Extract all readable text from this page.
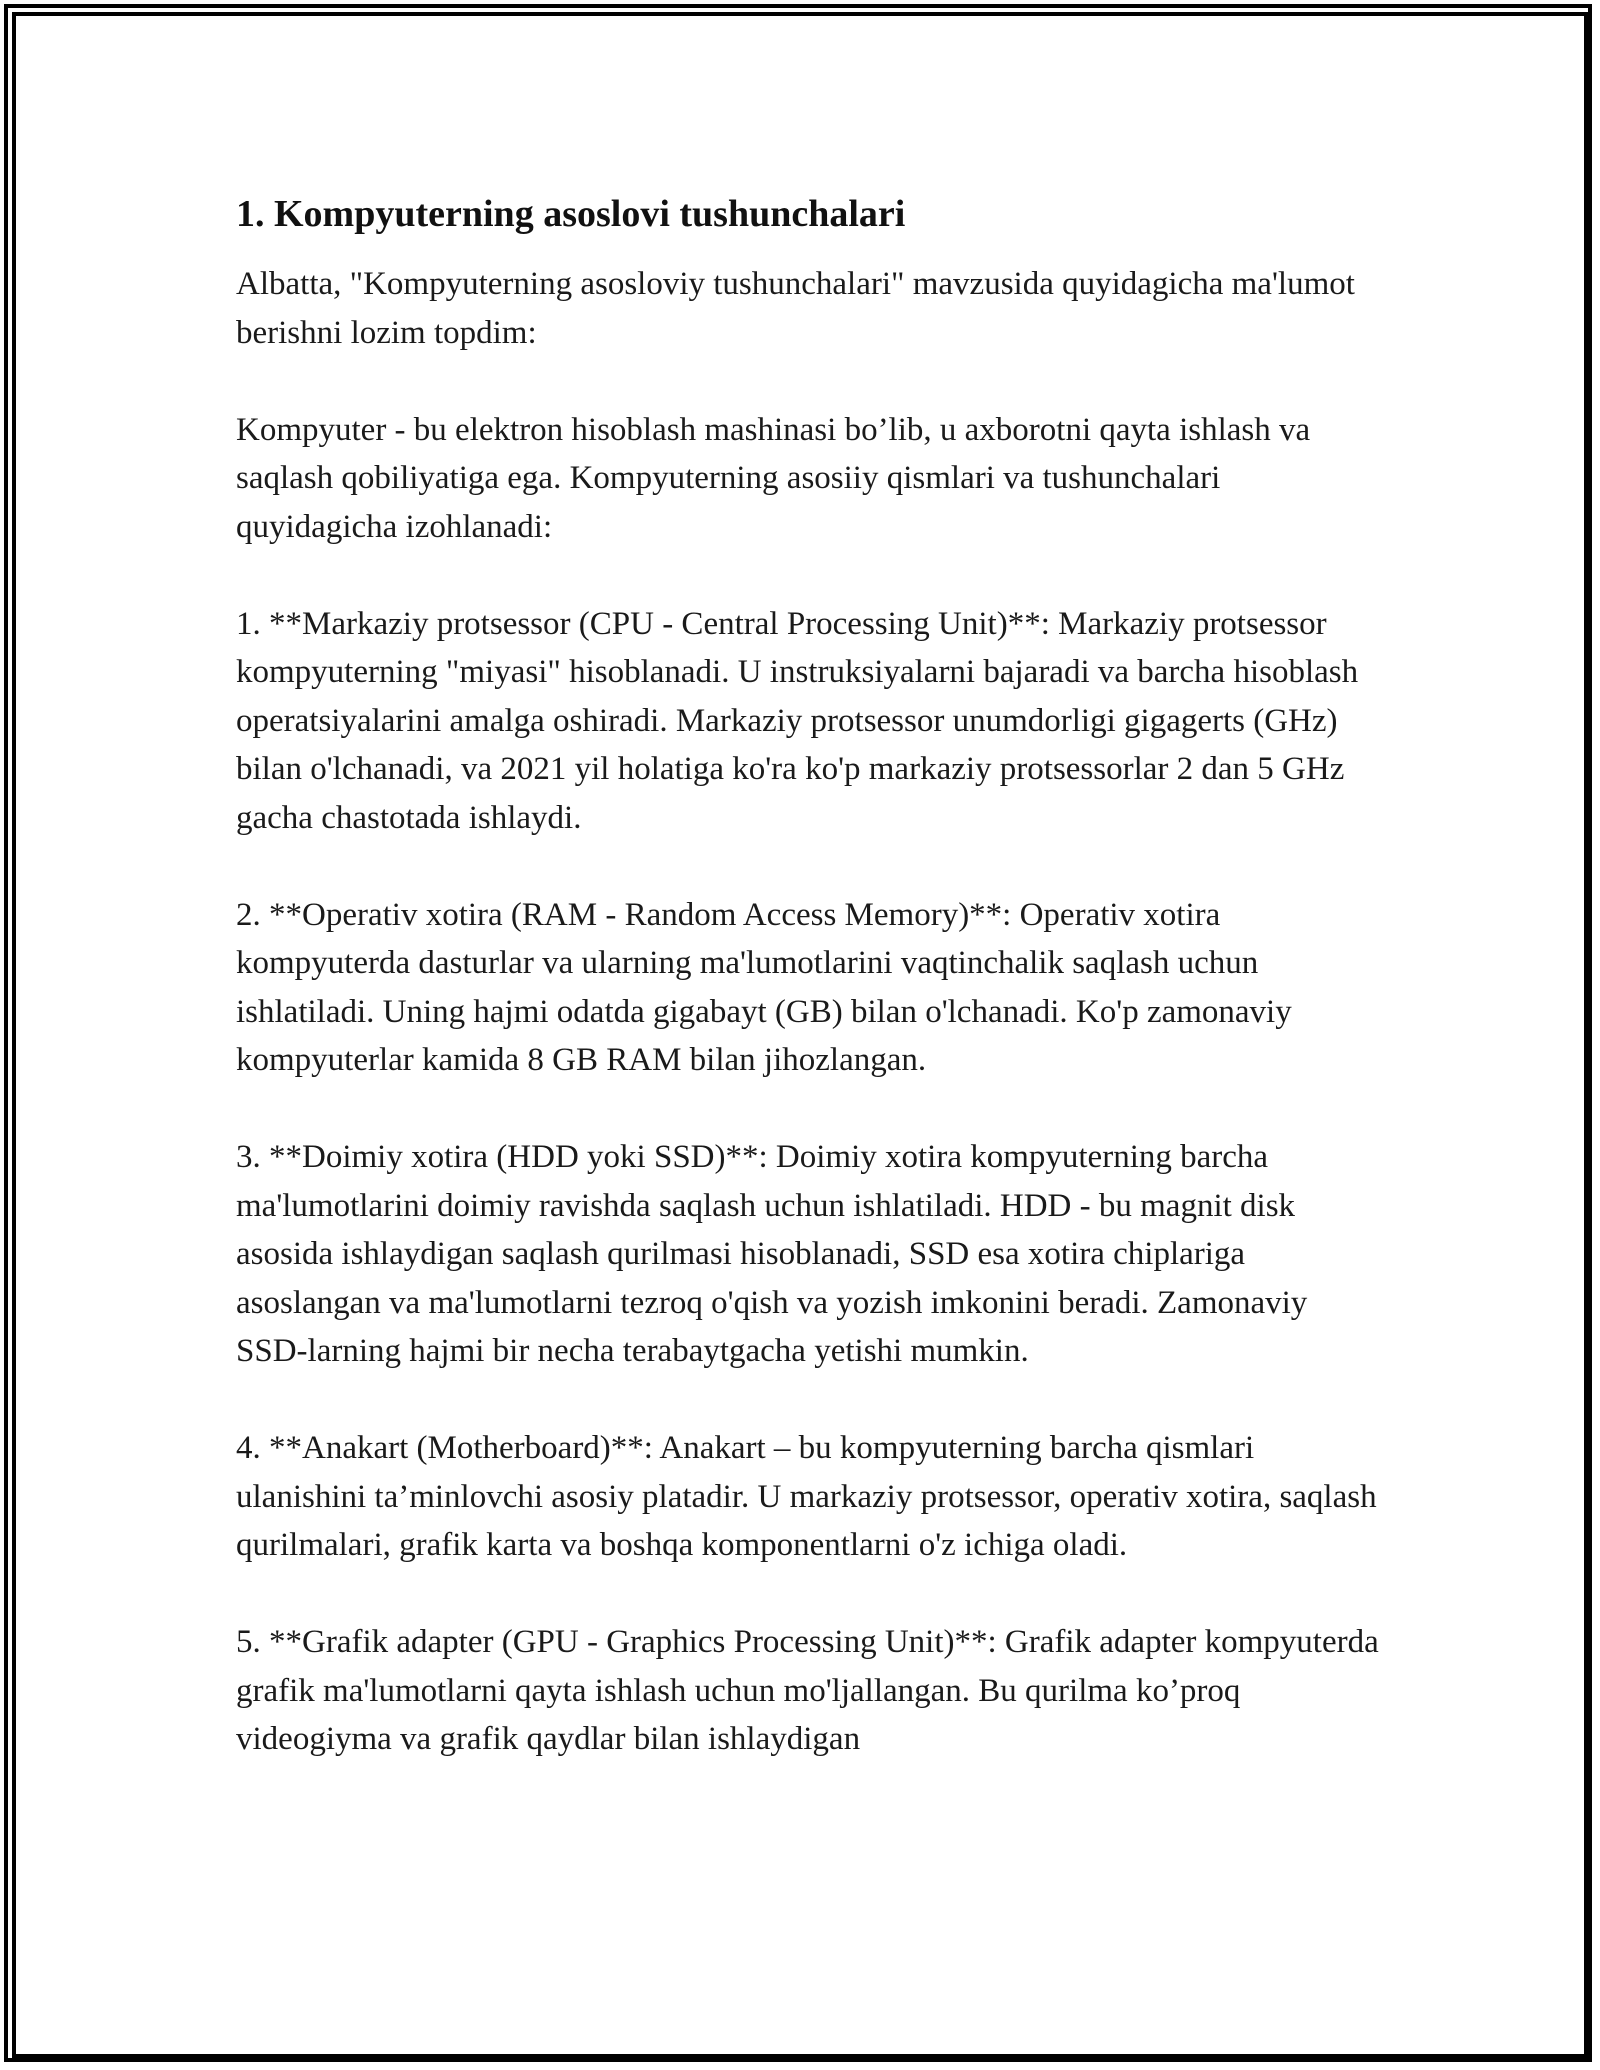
1. Kompyuterning asoslovi tushunchalari

Albatta, "Kompyuterning asosloviy tushunchalari" mavzusida quyidagicha ma'lumot berishni lozim topdim:

Kompyuter - bu elektron hisoblash mashinasi bo’lib, u axborotni qayta ishlash va saqlash qobiliyatiga ega. Kompyuterning asosiiy qismlari va tushunchalari quyidagicha izohlanadi:

1. **Markaziy protsessor (CPU - Central Processing Unit)**: Markaziy protsessor kompyuterning "miyasi" hisoblanadi. U instruksiyalarni bajaradi va barcha hisoblash operatsiyalarini amalga oshiradi. Markaziy protsessor unumdorligi gigagerts (GHz) bilan o'lchanadi, va 2021 yil holatiga ko'ra ko'p markaziy protsessorlar 2 dan 5 GHz gacha chastotada ishlaydi.

2. **Operativ xotira (RAM - Random Access Memory)**: Operativ xotira kompyuterda dasturlar va ularning ma'lumotlarini vaqtinchalik saqlash uchun ishlatiladi. Uning hajmi odatda gigabayt (GB) bilan o'lchanadi. Ko'p zamonaviy kompyuterlar kamida 8 GB RAM bilan jihozlangan.

3. **Doimiy xotira (HDD yoki SSD)**: Doimiy xotira kompyuterning barcha ma'lumotlarini doimiy ravishda saqlash uchun ishlatiladi. HDD - bu magnit disk asosida ishlaydigan saqlash qurilmasi hisoblanadi, SSD esa xotira chiplariga asoslangan va ma'lumotlarni tezroq o'qish va yozish imkonini beradi. Zamonaviy SSD-larning hajmi bir necha terabaytgacha yetishi mumkin.

4. **Anakart (Motherboard)**: Anakart – bu kompyuterning barcha qismlari ulanishini ta’minlovchi asosiy platadir. U markaziy protsessor, operativ xotira, saqlash qurilmalari, grafik karta va boshqa komponentlarni o'z ichiga oladi.

5. **Grafik adapter (GPU - Graphics Processing Unit)**: Grafik adapter kompyuterda grafik ma'lumotlarni qayta ishlash uchun mo'ljallangan. Bu qurilma ko’proq videogiyma va grafik qaydlar bilan ishlaydigan
